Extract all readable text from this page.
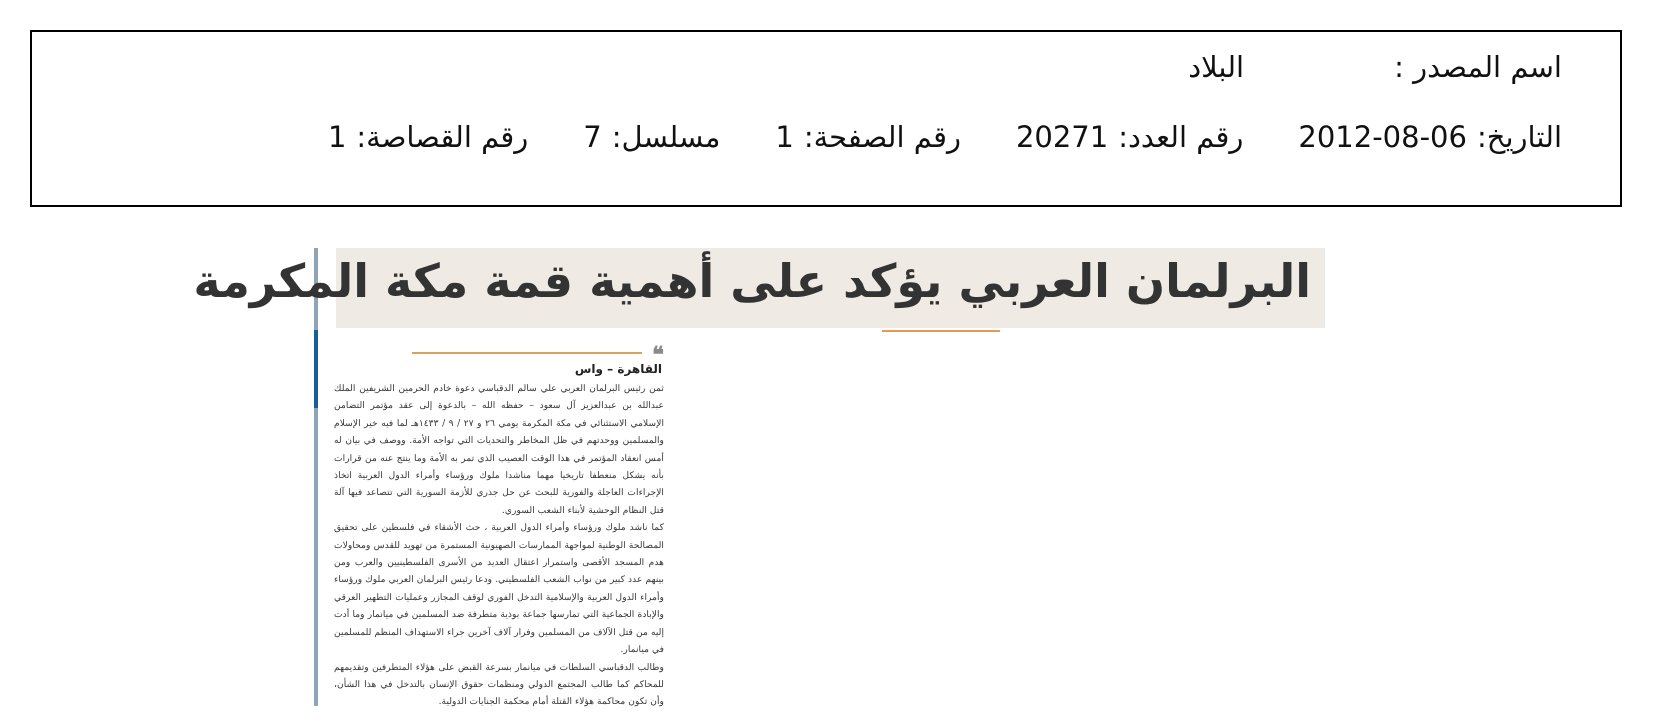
اسم المصدر :
البلاد
التاريخ:
2012-08-06
رقم العدد:
20271
رقم الصفحة:
1
مسلسل:
7
رقم القصاصة:
1
البرلمان العربي يؤكد على أهمية قمة مكة المكرمة
❝
القاهرة – واس

ثمن رئيس البرلمان العربي علي سالم الدقباسي دعوة خادم الحرمين الشريفين الملك عبدالله بن عبدالعزيز آل سعود – حفظه الله – بالدعوة إلى عقد مؤتمر التضامن الإسلامي الاستثنائي في مكة المكرمة يومي ٢٦ و ٢٧ / ٩ / ١٤٣٣هـ لما فيه خير الإسلام والمسلمين ووحدتهم في ظل المخاطر والتحديات التي تواجه الأمة. ووصف في بيان له أمس انعقاد المؤتمر في هذا الوقت العصيب الذي تمر به الأمة وما ينتج عنه من قرارات بأنه يشكل منعطفا تاريخيا مهما مناشدا ملوك ورؤساء وأمراء الدول العربية اتخاذ الإجراءات العاجلة والفورية للبحث عن حل جذري للأزمة السورية التي تتصاعد فيها آلة قتل النظام الوحشية لأبناء الشعب السوري.

كما ناشد ملوك ورؤساء وأمراء الدول العربية ، حث الأشقاء في فلسطين على تحقيق المصالحة الوطنية لمواجهة الممارسات الصهيونية المستمرة من تهويد للقدس ومحاولات هدم المسجد الأقصى واستمرار اعتقال العديد من الأسرى الفلسطينيين والعرب ومن بينهم عدد كبير من نواب الشعب الفلسطيني. ودعا رئيس البرلمان العربي ملوك ورؤساء وأمراء الدول العربية والإسلامية التدخل الفوري لوقف المجازر وعمليات التطهير العرقي والإبادة الجماعية التي تمارسها جماعة بوذية متطرفة ضد المسلمين في ميانمار وما أدت إليه من قتل الآلاف من المسلمين وفرار آلاف آخرين جراء الاستهداف المنظم للمسلمين في ميانمار.

وطالب الدقباسي السلطات في ميانمار بسرعة القبض على هؤلاء المتطرفين وتقديمهم للمحاكم كما طالب المجتمع الدولي ومنظمات حقوق الإنسان بالتدخل في هذا الشأن، وأن تكون محاكمة هؤلاء القتلة أمام محكمة الجنايات الدولية.
